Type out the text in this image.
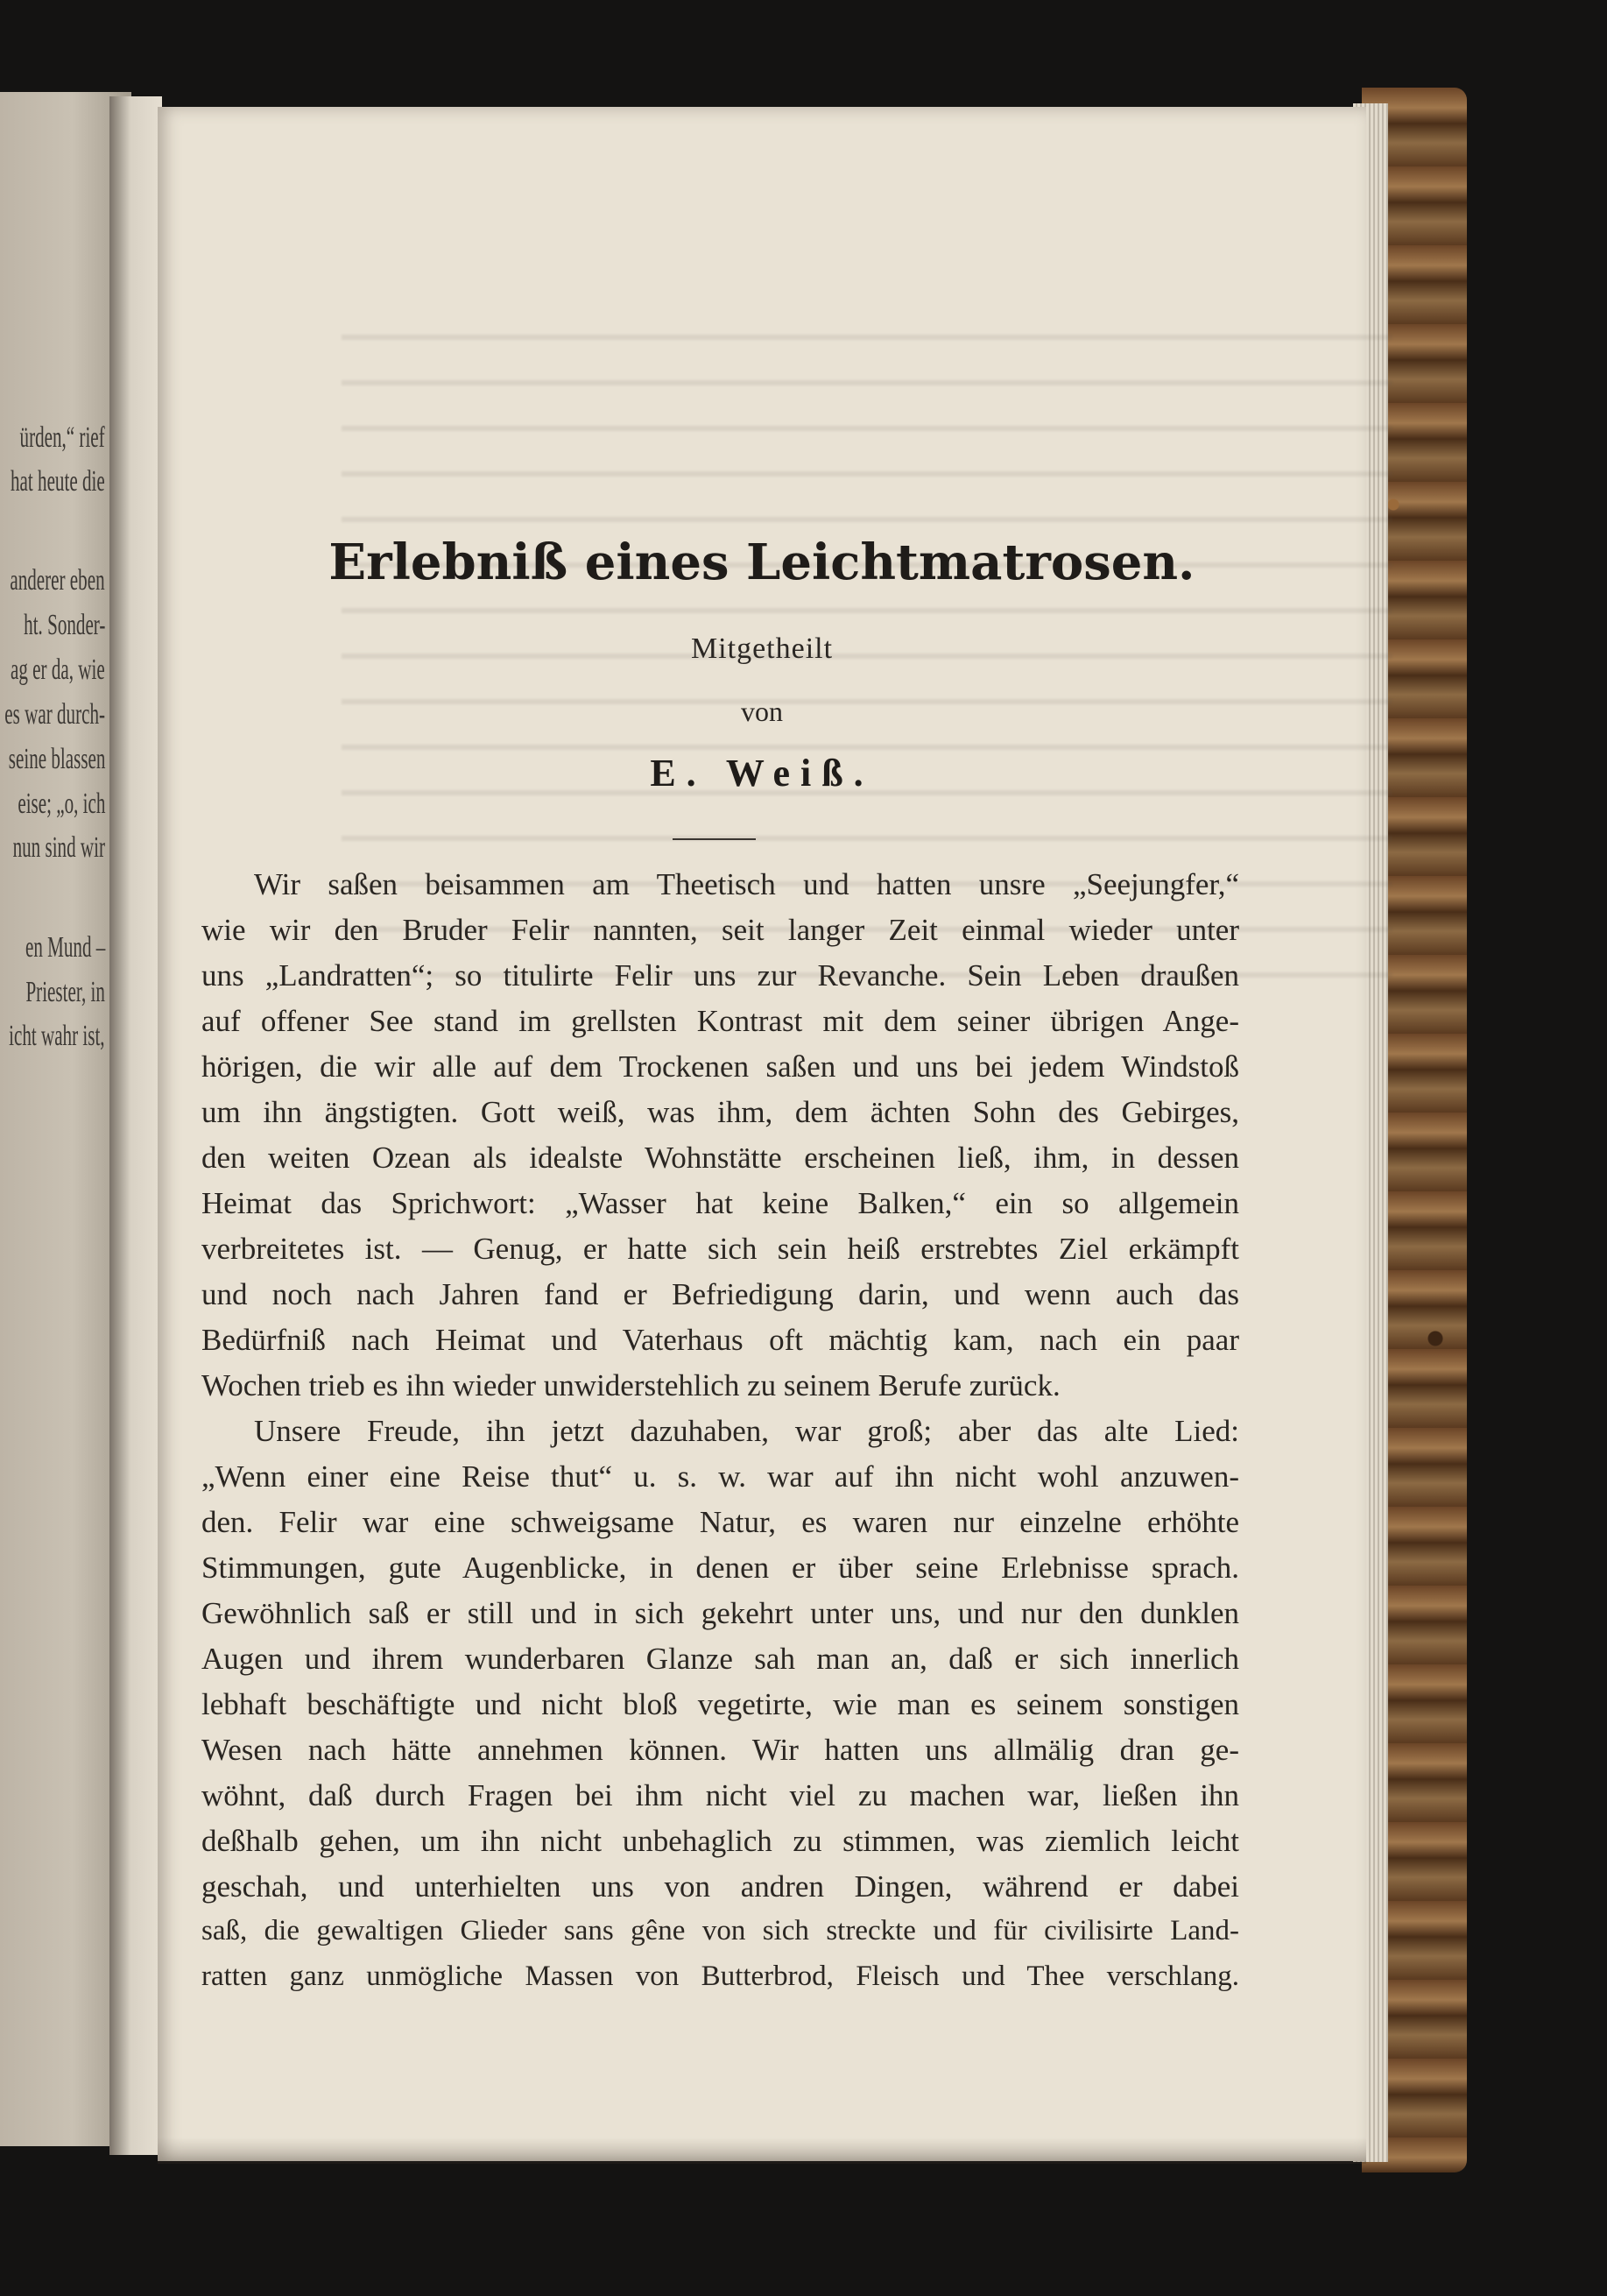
ürden,“ rief
hat heute die
anderer eben
ht. Sonder-
ag er da, wie
es war durch-
seine blassen
eise; „o, ich
nun sind wir
en Mund –
Priester, in
icht wahr ist,
Erlebniß eines Leichtmatrosen.
Mitgetheilt
von
E. Weiß.
Wir saßen beisammen am Theetisch und hatten unsre „Seejungfer,“
wie wir den Bruder Felir nannten, seit langer Zeit einmal wieder unter
uns „Landratten“; so titulirte Felir uns zur Revanche. Sein Leben draußen
auf offener See stand im grellsten Kontrast mit dem seiner übrigen Ange-
hörigen, die wir alle auf dem Trockenen saßen und uns bei jedem Windstoß
um ihn ängstigten. Gott weiß, was ihm, dem ächten Sohn des Gebirges,
den weiten Ozean als idealste Wohnstätte erscheinen ließ, ihm, in dessen
Heimat das Sprichwort: „Wasser hat keine Balken,“ ein so allgemein
verbreitetes ist. — Genug, er hatte sich sein heiß erstrebtes Ziel erkämpft
und noch nach Jahren fand er Befriedigung darin, und wenn auch das
Bedürfniß nach Heimat und Vaterhaus oft mächtig kam, nach ein paar
Wochen trieb es ihn wieder unwiderstehlich zu seinem Berufe zurück.
Unsere Freude, ihn jetzt dazuhaben, war groß; aber das alte Lied:
„Wenn einer eine Reise thut“ u. s. w. war auf ihn nicht wohl anzuwen-
den. Felir war eine schweigsame Natur, es waren nur einzelne erhöhte
Stimmungen, gute Augenblicke, in denen er über seine Erlebnisse sprach.
Gewöhnlich saß er still und in sich gekehrt unter uns, und nur den dunklen
Augen und ihrem wunderbaren Glanze sah man an, daß er sich innerlich
lebhaft beschäftigte und nicht bloß vegetirte, wie man es seinem sonstigen
Wesen nach hätte annehmen können. Wir hatten uns allmälig dran ge-
wöhnt, daß durch Fragen bei ihm nicht viel zu machen war, ließen ihn
deßhalb gehen, um ihn nicht unbehaglich zu stimmen, was ziemlich leicht
geschah, und unterhielten uns von andren Dingen, während er dabei
saß, die gewaltigen Glieder sans gêne von sich streckte und für civilisirte Land-
ratten ganz unmögliche Massen von Butterbrod, Fleisch und Thee verschlang.
